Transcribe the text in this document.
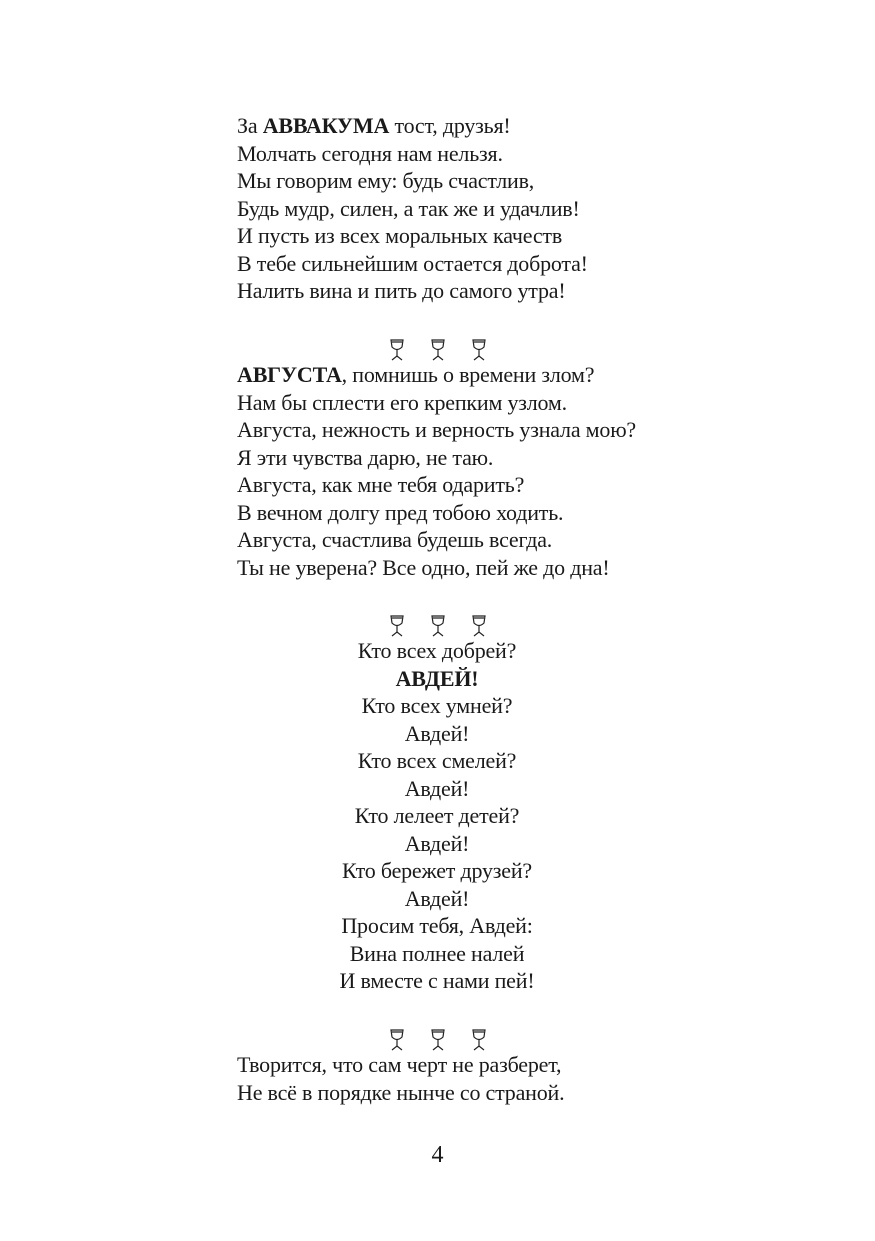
За АВВАКУМА тост, друзья!
Молчать сегодня нам нельзя.
Мы говорим ему: будь счастлив,
Будь мудр, силен, а так же и удачлив!
И пусть из всех моральных качеств
В тебе сильнейшим остается доброта!
Налить вина и пить до самого утра!
АВГУСТА, помнишь о времени злом?
Нам бы сплести его крепким узлом.
Августа, нежность и верность узнала мою?
Я эти чувства дарю, не таю.
Августа, как мне тебя одарить?
В вечном долгу пред тобою ходить.
Августа, счастлива будешь всегда.
Ты не уверена? Все одно, пей же до дна!
Кто всех добрей?
АВДЕЙ!
Кто всех умней?
Авдей!
Кто всех смелей?
Авдей!
Кто лелеет детей?
Авдей!
Кто бережет друзей?
Авдей!
Просим тебя, Авдей:
Вина полнее налей
И вместе с нами пей!
Творится, что сам черт не разберет,
Не всё в порядке нынче со страной.
4
